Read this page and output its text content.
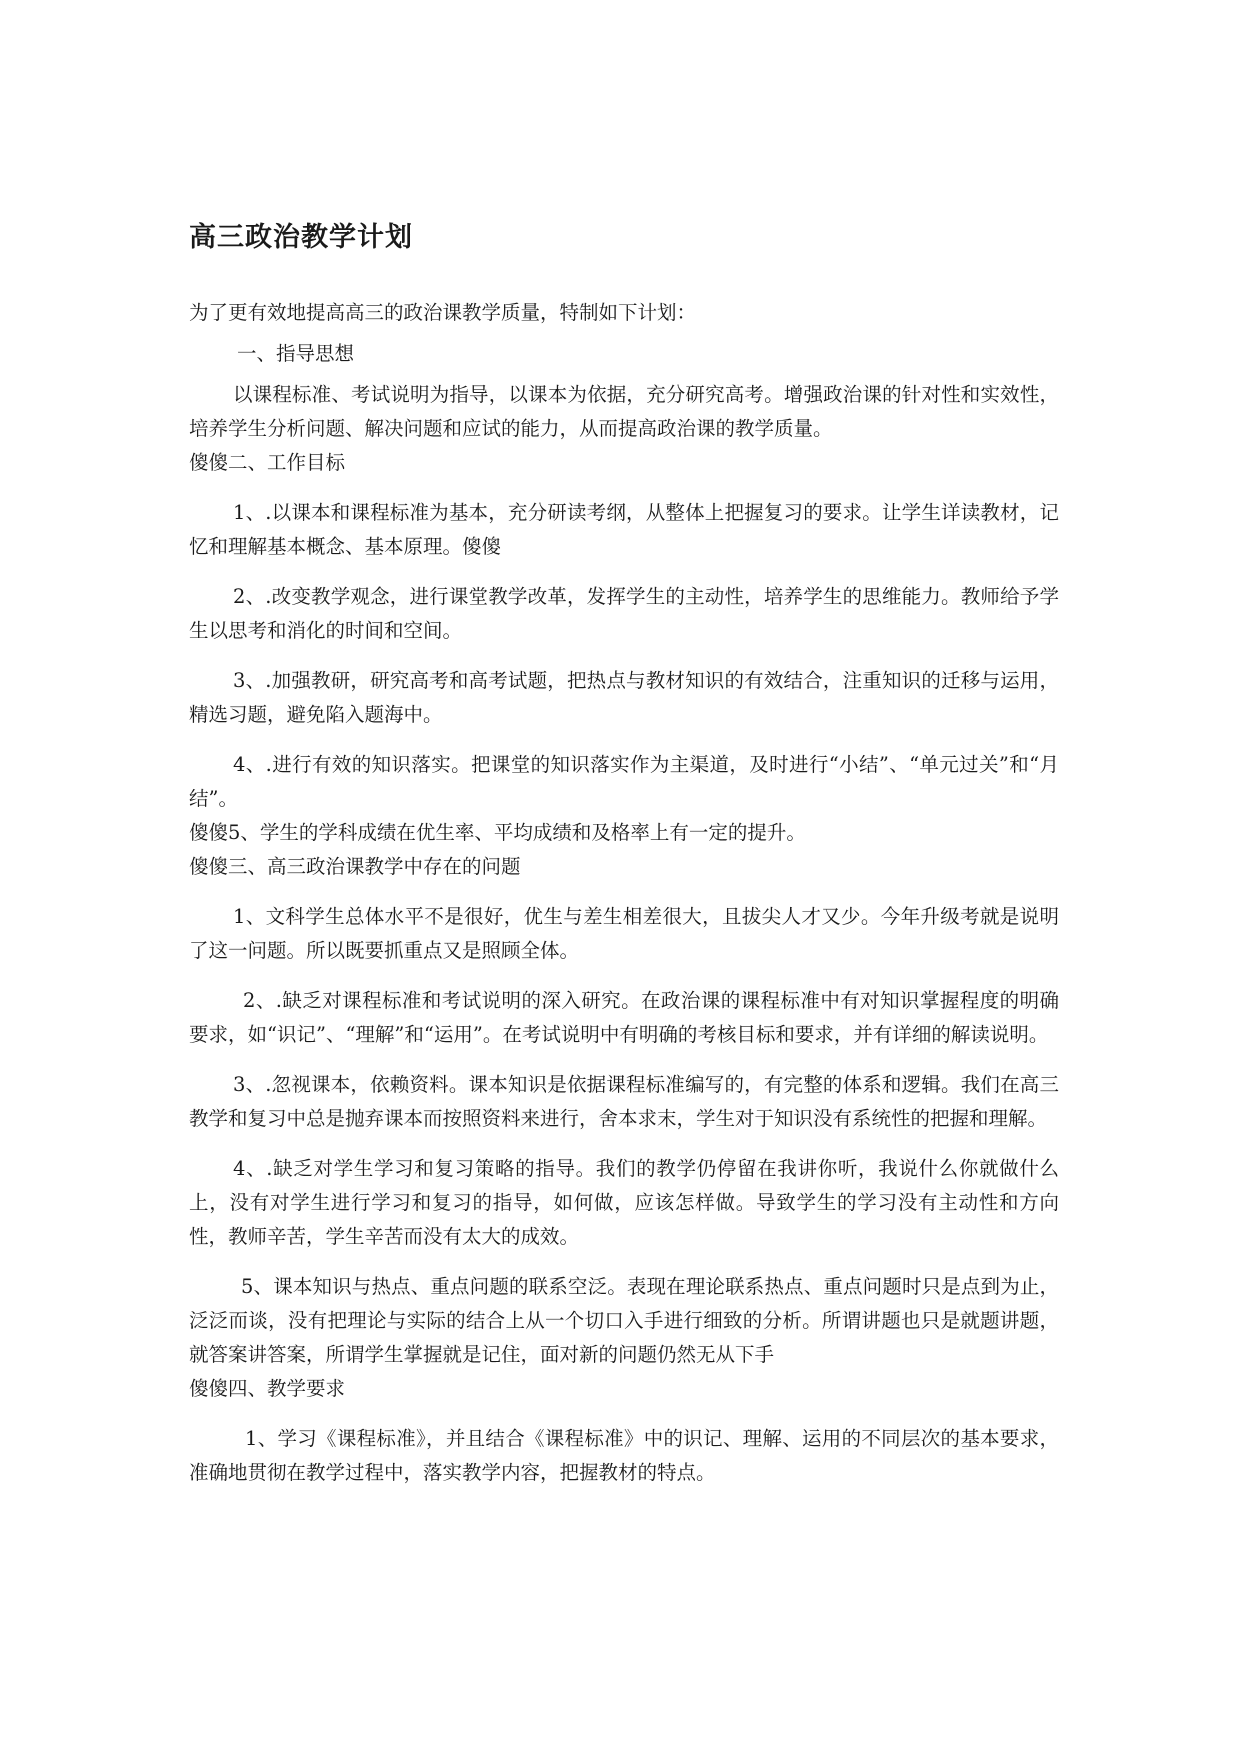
高三政治教学计划

为了更有效地提高高三的政治课教学质量，特制如下计划：

一、指导思想

以课程标准、考试说明为指导，以课本为依据，充分研究高考。增强政治课的针对性和实效性，培养学生分析问题、解决问题和应试的能力，从而提高政治课的教学质量。

傻傻二、工作目标

1、.以课本和课程标准为基本，充分研读考纲，从整体上把握复习的要求。让学生详读教材，记忆和理解基本概念、基本原理。傻傻

2、.改变教学观念，进行课堂教学改革，发挥学生的主动性，培养学生的思维能力。教师给予学生以思考和消化的时间和空间。

3、.加强教研，研究高考和高考试题，把热点与教材知识的有效结合，注重知识的迁移与运用，精选习题，避免陷入题海中。

4、.进行有效的知识落实。把课堂的知识落实作为主渠道，及时进行“小结”、“单元过关”和“月结”。

傻傻5、学生的学科成绩在优生率、平均成绩和及格率上有一定的提升。

傻傻三、高三政治课教学中存在的问题

1、文科学生总体水平不是很好，优生与差生相差很大，且拔尖人才又少。今年升级考就是说明了这一问题。所以既要抓重点又是照顾全体。

2、.缺乏对课程标准和考试说明的深入研究。在政治课的课程标准中有对知识掌握程度的明确要求，如“识记”、“理解”和“运用”。在考试说明中有明确的考核目标和要求，并有详细的解读说明。

3、.忽视课本，依赖资料。课本知识是依据课程标准编写的，有完整的体系和逻辑。我们在高三教学和复习中总是抛弃课本而按照资料来进行，舍本求末，学生对于知识没有系统性的把握和理解。

4、.缺乏对学生学习和复习策略的指导。我们的教学仍停留在我讲你听，我说什么你就做什么上，没有对学生进行学习和复习的指导，如何做，应该怎样做。导致学生的学习没有主动性和方向性，教师辛苦，学生辛苦而没有太大的成效。

5、课本知识与热点、重点问题的联系空泛。表现在理论联系热点、重点问题时只是点到为止，泛泛而谈，没有把理论与实际的结合上从一个切口入手进行细致的分析。所谓讲题也只是就题讲题，就答案讲答案，所谓学生掌握就是记住，面对新的问题仍然无从下手

傻傻四、教学要求

1、学习《课程标准》，并且结合《课程标准》中的识记、理解、运用的不同层次的基本要求，准确地贯彻在教学过程中，落实教学内容，把握教材的特点。
